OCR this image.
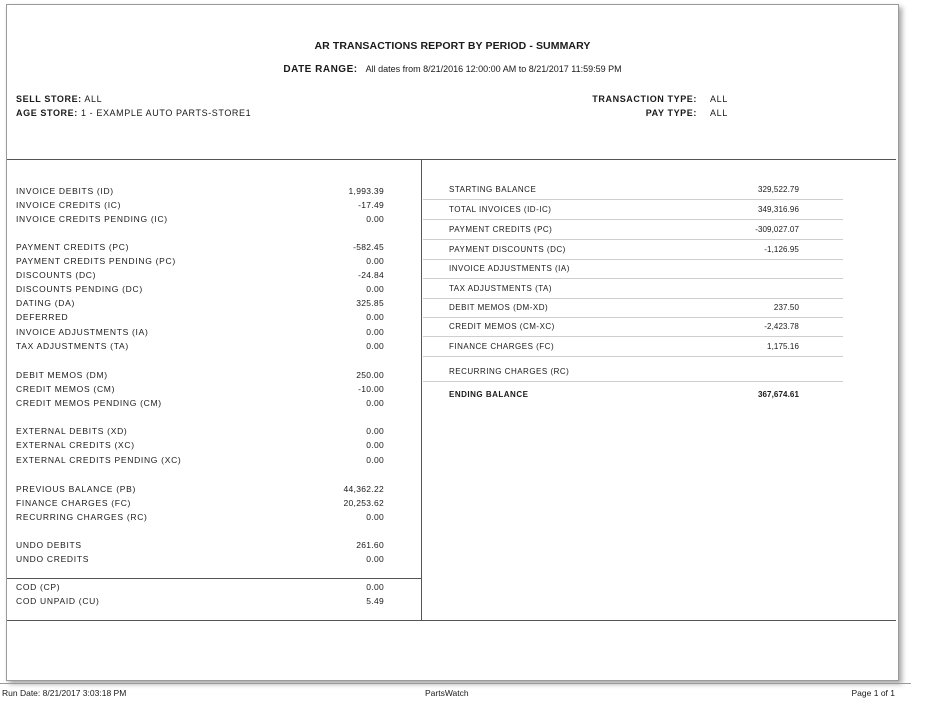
AR TRANSACTIONS REPORT BY PERIOD - SUMMARY
DATE RANGE: All dates from 8/21/2016 12:00:00 AM to 8/21/2017 11:59:59 PM
SELL STORE: ALL
AGE STORE: 1 - EXAMPLE AUTO PARTS-STORE1
TRANSACTION TYPE: ALL
PAY TYPE: ALL
INVOICE DEBITS (ID)	1,993.39
INVOICE CREDITS (IC)	-17.49
INVOICE CREDITS PENDING (IC)	0.00
PAYMENT CREDITS (PC)	-582.45
PAYMENT CREDITS PENDING (PC)	0.00
DISCOUNTS (DC)	-24.84
DISCOUNTS PENDING (DC)	0.00
DATING (DA)	325.85
DEFERRED	0.00
INVOICE ADJUSTMENTS (IA)	0.00
TAX ADJUSTMENTS (TA)	0.00
DEBIT MEMOS (DM)	250.00
CREDIT MEMOS (CM)	-10.00
CREDIT MEMOS PENDING (CM)	0.00
EXTERNAL DEBITS (XD)	0.00
EXTERNAL CREDITS (XC)	0.00
EXTERNAL CREDITS PENDING (XC)	0.00
PREVIOUS BALANCE (PB)	44,362.22
FINANCE CHARGES (FC)	20,253.62
RECURRING CHARGES (RC)	0.00
UNDO DEBITS	261.60
UNDO CREDITS	0.00
COD (CP)	0.00
COD UNPAID (CU)	5.49
STARTING BALANCE	329,522.79
TOTAL INVOICES (ID-IC)	349,316.96
PAYMENT CREDITS (PC)	-309,027.07
PAYMENT DISCOUNTS (DC)	-1,126.95
INVOICE ADJUSTMENTS (IA)
TAX ADJUSTMENTS (TA)
DEBIT MEMOS (DM-XD)	237.50
CREDIT MEMOS (CM-XC)	-2,423.78
FINANCE CHARGES (FC)	1,175.16
RECURRING CHARGES (RC)
ENDING BALANCE	367,674.61
Run Date: 8/21/2017 3:03:18 PM	PartsWatch	Page 1 of 1
